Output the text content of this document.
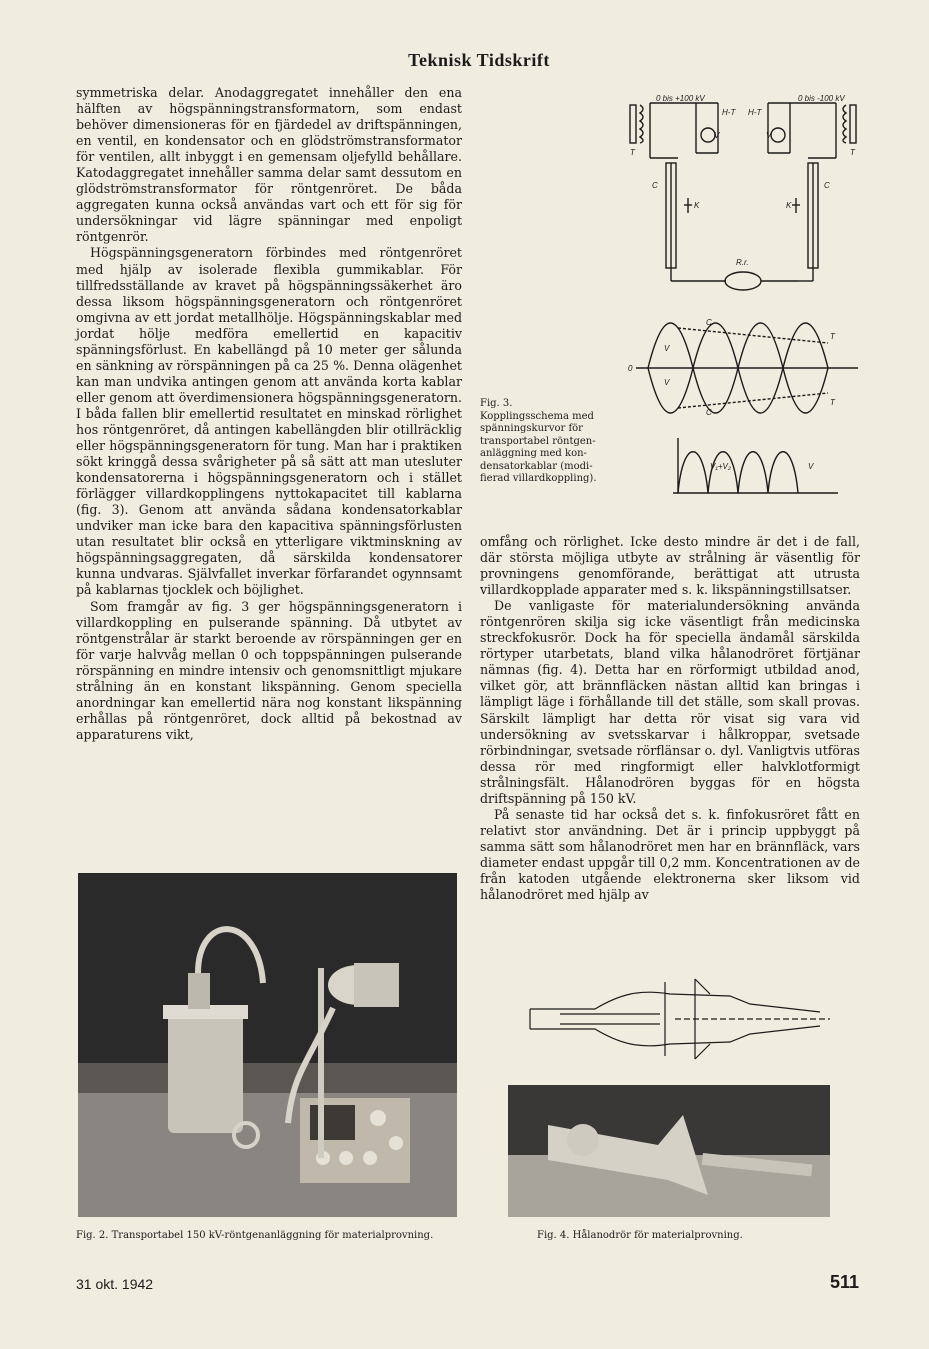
Teknisk Tidskrift

symmetriska delar. Anodaggregatet innehåller den ena hälften av högspänningstransformatorn, som endast behöver dimensioneras för en fjärdedel av driftspänningen, en ventil, en kondensator och en glödströmstransformator för ventilen, allt inbyggt i en gemensam oljefylld behållare. Katodaggregatet innehåller samma delar samt dessutom en glödströmstransformator för röntgenröret. De båda aggregaten kunna också användas vart och ett för sig för undersökningar vid lägre spänningar med enpoligt röntgenrör.

Högspänningsgeneratorn förbindes med röntgenröret med hjälp av isolerade flexibla gummikablar. För tillfredsställande av kravet på högspänningssäkerhet äro dessa liksom högspänningsgeneratorn och röntgenröret omgivna av ett jordat metallhölje. Högspänningskablar med jordat hölje medföra emellertid en kapacitiv spänningsförlust. En kabellängd på 10 meter ger sålunda en sänkning av rörspänningen på ca 25 %. Denna olägenhet kan man undvika antingen genom att använda korta kablar eller genom att överdimensionera högspänningsgeneratorn. I båda fallen blir emellertid resultatet en minskad rörlighet hos röntgenröret, då antingen kabellängden blir otillräcklig eller högspänningsgeneratorn för tung. Man har i praktiken sökt kringgå dessa svårigheter på så sätt att man utesluter kondensatorerna i högspänningsgeneratorn och i stället förlägger villardkopplingens nyttokapacitet till kablarna (fig. 3). Genom att använda sådana kondensatorkablar undviker man icke bara den kapacitiva spänningsförlusten utan resultatet blir också en ytterligare viktminskning av högspänningsaggregaten, då särskilda kondensatorer kunna undvaras. Självfallet inverkar förfarandet ogynnsamt på kablarnas tjocklek och böjlighet.

Som framgår av fig. 3 ger högspänningsgeneratorn i villardkoppling en pulserande spänning. Då utbytet av röntgenstrålar är starkt beroende av rörspänningen ger en för varje halvvåg mellan 0 och toppspänningen pulserande rörspänning en mindre intensiv och genomsnittligt mjukare strålning än en konstant likspänning. Genom speciella anordningar kan emellertid nära nog konstant likspänning erhållas på röntgenröret, dock alltid på bekostnad av apparaturens vikt,

0 bis +100 kV	0 bis -100 kV
H-T H-T
V	V
T	T
C	C
K	K
R.r.
0
C
T
T
C
V
V
V₁+V₂	V
Fig. 3.
Kopplingsschema med
spänningskurvor för
transportabel röntgen-
anläggning med kon-
densatorkablar (modi-
fierad villardkoppling).

omfång och rörlighet. Icke desto mindre är det i de fall, där största möjliga utbyte av strålning är väsentlig för provningens genomförande, berättigat att utrusta villardkopplade apparater med s. k. likspänningstillsatser.

De vanligaste för materialundersökning använda röntgenrören skilja sig icke väsentligt från medicinska streckfokusrör. Dock ha för speciella ändamål särskilda rörtyper utarbetats, bland vilka hålanodröret förtjänar nämnas (fig. 4). Detta har en rörformigt utbildad anod, vilket gör, att brännfläcken nästan alltid kan bringas i lämpligt läge i förhållande till det ställe, som skall provas. Särskilt lämpligt har detta rör visat sig vara vid undersökning av svetsskarvar i hålkroppar, svetsade rörbindningar, svetsade rörflänsar o. dyl. Vanligtvis utföras dessa rör med ringformigt eller halvklotformigt strålningsfält. Hålanodrören byggas för en högsta driftspänning på 150 kV.

På senaste tid har också det s. k. finfokusröret fått en relativt stor användning. Det är i princip uppbyggt på samma sätt som hålanodröret men har en brännfläck, vars diameter endast uppgår till 0,2 mm. Koncentrationen av de från katoden utgående elektronerna sker liksom vid hålanodröret med hjälp av

Fig. 2. Transportabel 150 kV-röntgenanläggning för materialprovning.	Fig. 4. Hålanodrör för materialprovning.
31 okt. 1942	511
